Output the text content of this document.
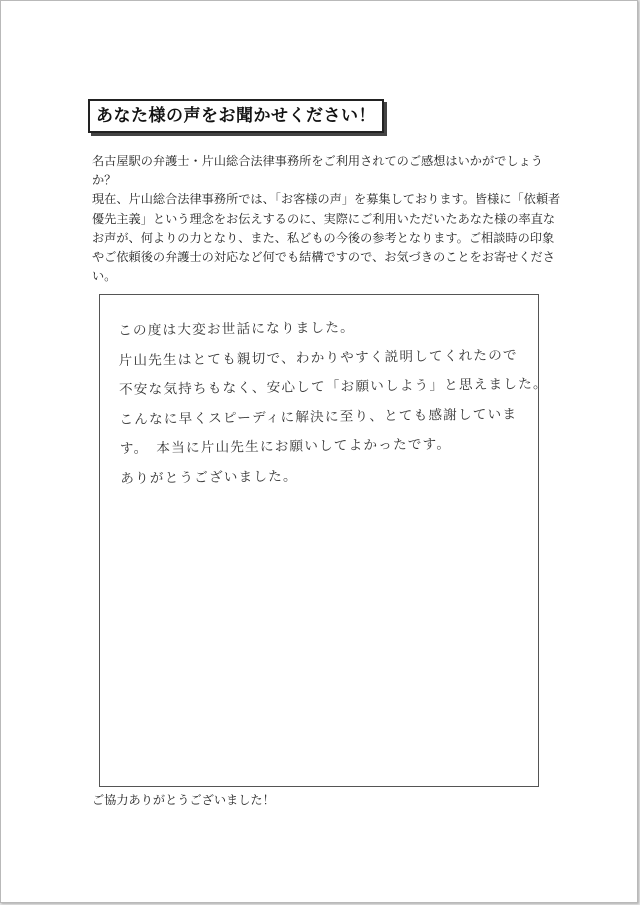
あなた様の声をお聞かせください！

名古屋駅の弁護士・片山総合法律事務所をご利用されてのご感想はいかがでしょうか？

現在、片山総合法律事務所では、「お客様の声」を募集しております。皆様に「依頼者優先主義」という理念をお伝えするのに、実際にご利用いただいたあなた様の率直なお声が、何よりの力となり、また、私どもの今後の参考となります。ご相談時の印象やご依頼後の弁護士の対応など何でも結構ですので、お気づきのことをお寄せください。

この度は大変お世話になりました。
片山先生はとても親切で、わかりやすく説明してくれたので
不安な気持ちもなく、安心して「お願いしよう」と思えました。
こんなに早くスピーディに解決に至り、とても感謝しています。　 本当に片山先生にお願いしてよかったです。
ありがとうございました。
ご協力ありがとうございました！
